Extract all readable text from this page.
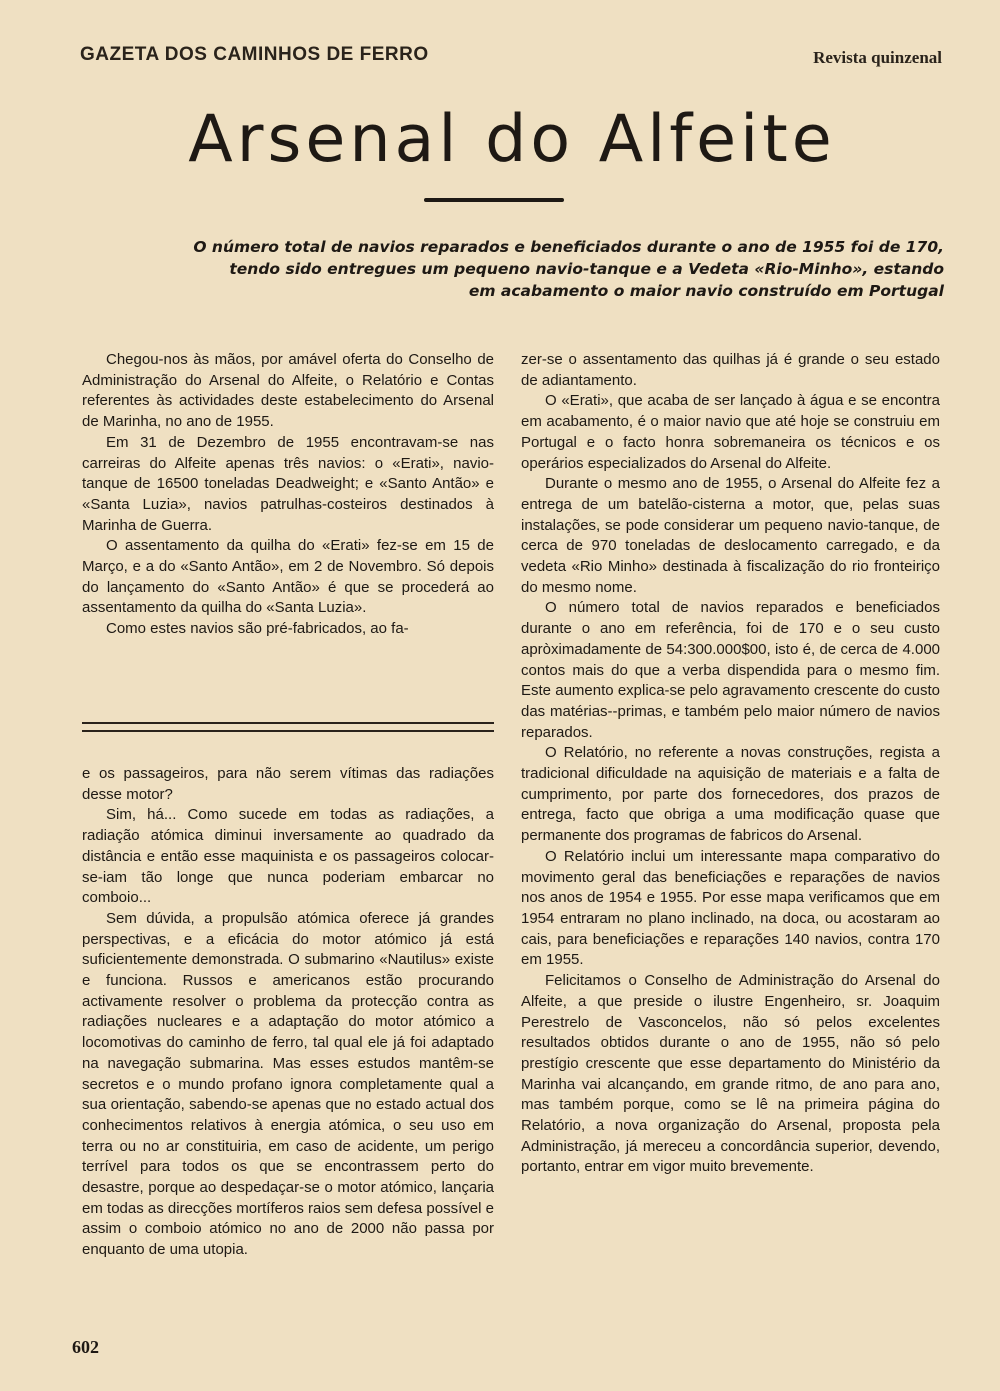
GAZETA DOS CAMINHOS DE FERRO	Revista quinzenal
Arsenal do Alfeite
O número total de navios reparados e beneficiados durante o ano de 1955 foi de 170,
tendo sido entregues um pequeno navio-tanque e a Vedeta «Rio-Minho», estando
em acabamento o maior navio construído em Portugal

Chegou-nos às mãos, por amável oferta do Conselho de Administração do Arsenal do Alfeite, o Relatório e Contas referentes às actividades deste estabelecimento do Arsenal de Marinha, no ano de 1955.

Em 31 de Dezembro de 1955 encontravam-se nas carreiras do Alfeite apenas três navios: o «Erati», navio-tanque de 16500 toneladas Deadweight; e «Santo Antão» e «Santa Luzia», navios patrulhas-costeiros destinados à Marinha de Guerra.

O assentamento da quilha do «Erati» fez-se em 15 de Março, e a do «Santo Antão», em 2 de Novembro. Só depois do lançamento do «Santo Antão» é que se procederá ao assentamento da quilha do «Santa Luzia».

Como estes navios são pré-fabricados, ao fa-

e os passageiros, para não serem vítimas das radiações desse motor?

Sim, há... Como sucede em todas as radiações, a radiação atómica diminui inversamente ao quadrado da distância e então esse maquinista e os passageiros colocar-se-iam tão longe que nunca poderiam embarcar no comboio...

Sem dúvida, a propulsão atómica oferece já grandes perspectivas, e a eficácia do motor atómico já está suficientemente demonstrada. O submarino «Nautilus» existe e funciona. Russos e americanos estão procurando activamente resolver o problema da protecção contra as radiações nucleares e a adaptação do motor atómico a locomotivas do caminho de ferro, tal qual ele já foi adaptado na navegação submarina. Mas esses estudos mantêm-se secretos e o mundo profano ignora completamente qual a sua orientação, sabendo-se apenas que no estado actual dos conhecimentos relativos à energia atómica, o seu uso em terra ou no ar constituiria, em caso de acidente, um perigo terrível para todos os que se encontrassem perto do desastre, porque ao despedaçar-se o motor atómico, lançaria em todas as direcções mortíferos raios sem defesa possível e assim o comboio atómico no ano de 2000 não passa por enquanto de uma utopia.

zer-se o assentamento das quilhas já é grande o seu estado de adiantamento.

O «Erati», que acaba de ser lançado à água e se encontra em acabamento, é o maior navio que até hoje se construiu em Portugal e o facto honra sobremaneira os técnicos e os operários especializados do Arsenal do Alfeite.

Durante o mesmo ano de 1955, o Arsenal do Alfeite fez a entrega de um batelão-cisterna a motor, que, pelas suas instalações, se pode considerar um pequeno navio-tanque, de cerca de 970 toneladas de deslocamento carregado, e da vedeta «Rio Minho» destinada à fiscalização do rio fronteiriço do mesmo nome.

O número total de navios reparados e beneficiados durante o ano em referência, foi de 170 e o seu custo apròximadamente de 54:300.000$00, isto é, de cerca de 4.000 contos mais do que a verba dispendida para o mesmo fim. Este aumento explica-se pelo agravamento crescente do custo das matérias--primas, e também pelo maior número de navios reparados.

O Relatório, no referente a novas construções, regista a tradicional dificuldade na aquisição de materiais e a falta de cumprimento, por parte dos fornecedores, dos prazos de entrega, facto que obriga a uma modificação quase que permanente dos programas de fabricos do Arsenal.

O Relatório inclui um interessante mapa comparativo do movimento geral das beneficiações e reparações de navios nos anos de 1954 e 1955. Por esse mapa verificamos que em 1954 entraram no plano inclinado, na doca, ou acostaram ao cais, para beneficiações e reparações 140 navios, contra 170 em 1955.

Felicitamos o Conselho de Administração do Arsenal do Alfeite, a que preside o ilustre Engenheiro, sr. Joaquim Perestrelo de Vasconcelos, não só pelos excelentes resultados obtidos durante o ano de 1955, não só pelo prestígio crescente que esse departamento do Ministério da Marinha vai alcançando, em grande ritmo, de ano para ano, mas também porque, como se lê na primeira página do Relatório, a nova organização do Arsenal, proposta pela Administração, já mereceu a concordância superior, devendo, portanto, entrar em vigor muito brevemente.

602
